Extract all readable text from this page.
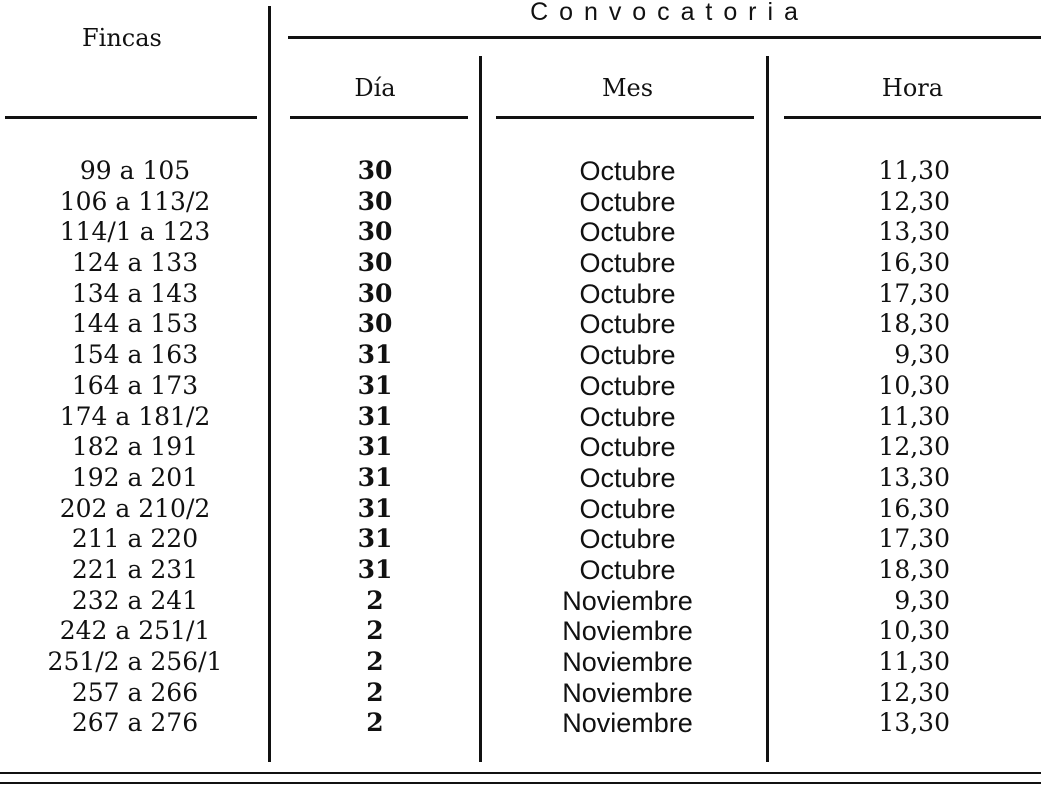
Fincas
C o n v o c a t o r i a
Día	Mes	Hora
99 a 105
106 a 113/2
114/1 a 123
124 a 133
134 a 143
144 a 153
154 a 163
164 a 173
174 a 181/2
182 a 191
192 a 201
202 a 210/2
211 a 220
221 a 231
232 a 241
242 a 251/1
251/2 a 256/1
257 a 266
267 a 276
30
30
30
30
30
30
31
31
31
31
31
31
31
31
2
2
2
2
2
Octubre
Octubre
Octubre
Octubre
Octubre
Octubre
Octubre
Octubre
Octubre
Octubre
Octubre
Octubre
Octubre
Octubre
Noviembre
Noviembre
Noviembre
Noviembre
Noviembre
11,30
12,30
13,30
16,30
17,30
18,30
9,30
10,30
11,30
12,30
13,30
16,30
17,30
18,30
9,30
10,30
11,30
12,30
13,30
